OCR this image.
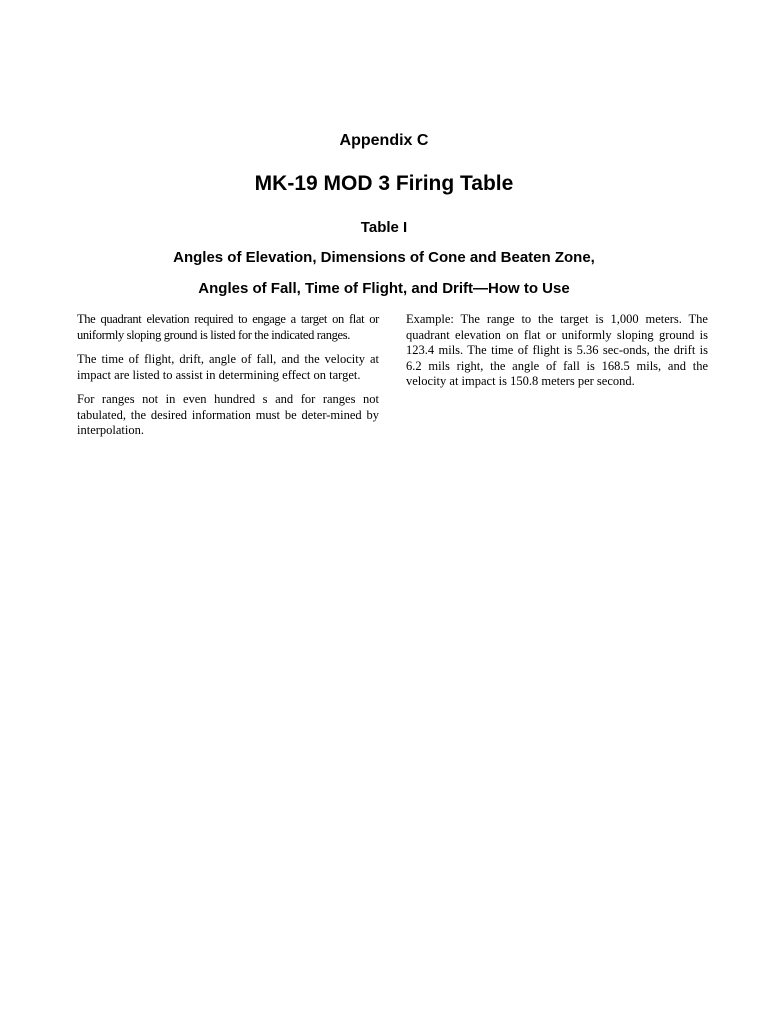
Appendix C
MK-19 MOD 3 Firing Table
Table I
Angles of Elevation, Dimensions of Cone and Beaten Zone,
Angles of Fall, Time of Flight, and Drift—How to Use

The quadrant elevation required to engage a target on flat or uniformly sloping ground is listed for the indicated ranges.

The time of flight, drift, angle of fall, and the velocity at impact are listed to assist in determining effect on target.

For ranges not in even hundred s and for ranges not tabulated, the desired information must be deter-mined by interpolation.

Example: The range to the target is 1,000 meters. The quadrant elevation on flat or uniformly sloping ground is 123.4 mils. The time of flight is 5.36 sec-onds, the drift is 6.2 mils right, the angle of fall is 168.5 mils, and the velocity at impact is 150.8 meters per second.
